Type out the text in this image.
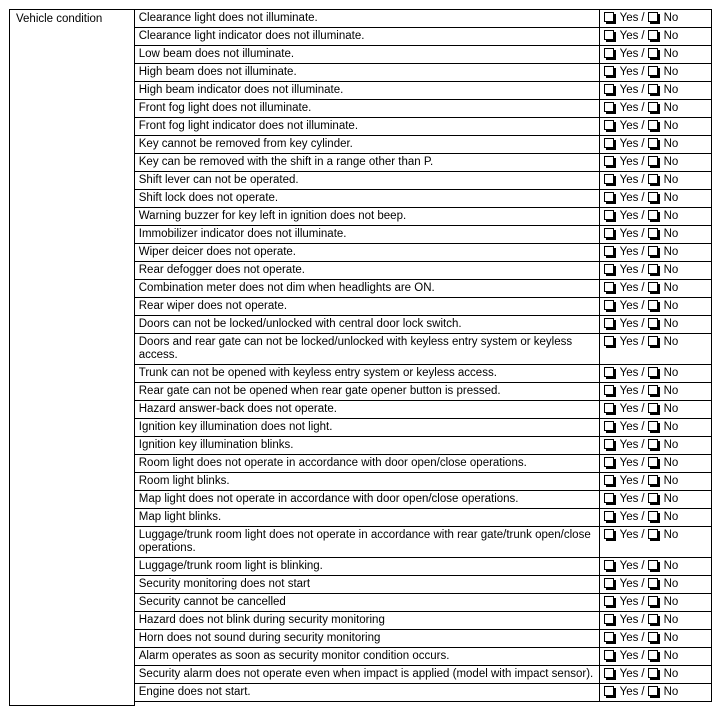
Vehicle condition	Clearance light does not illuminate.	Yes / No
	Clearance light indicator does not illuminate.	Yes / No
	Low beam does not illuminate.	Yes / No
	High beam does not illuminate.	Yes / No
	High beam indicator does not illuminate.	Yes / No
	Front fog light does not illuminate.	Yes / No
	Front fog light indicator does not illuminate.	Yes / No
	Key cannot be removed from key cylinder.	Yes / No
	Key can be removed with the shift in a range other than P.	Yes / No
	Shift lever can not be operated.	Yes / No
	Shift lock does not operate.	Yes / No
	Warning buzzer for key left in ignition does not beep.	Yes / No
	Immobilizer indicator does not illuminate.	Yes / No
	Wiper deicer does not operate.	Yes / No
	Rear defogger does not operate.	Yes / No
	Combination meter does not dim when headlights are ON.	Yes / No
	Rear wiper does not operate.	Yes / No
	Doors can not be locked/unlocked with central door lock switch.	Yes / No
	Doors and rear gate can not be locked/unlocked with keyless entry system or keyless access.	Yes / No
	Trunk can not be opened with keyless entry system or keyless access.	Yes / No
	Rear gate can not be opened when rear gate opener button is pressed.	Yes / No
	Hazard answer-back does not operate.	Yes / No
	Ignition key illumination does not light.	Yes / No
	Ignition key illumination blinks.	Yes / No
	Room light does not operate in accordance with door open/close operations.	Yes / No
	Room light blinks.	Yes / No
	Map light does not operate in accordance with door open/close operations.	Yes / No
	Map light blinks.	Yes / No
	Luggage/trunk room light does not operate in accordance with rear gate/trunk open/close operations.	Yes / No
	Luggage/trunk room light is blinking.	Yes / No
	Security monitoring does not start	Yes / No
	Security cannot be cancelled	Yes / No
	Hazard does not blink during security monitoring	Yes / No
	Horn does not sound during security monitoring	Yes / No
	Alarm operates as soon as security monitor condition occurs.	Yes / No
	Security alarm does not operate even when impact is applied (model with impact sensor).	Yes / No
	Engine does not start.	Yes / No
